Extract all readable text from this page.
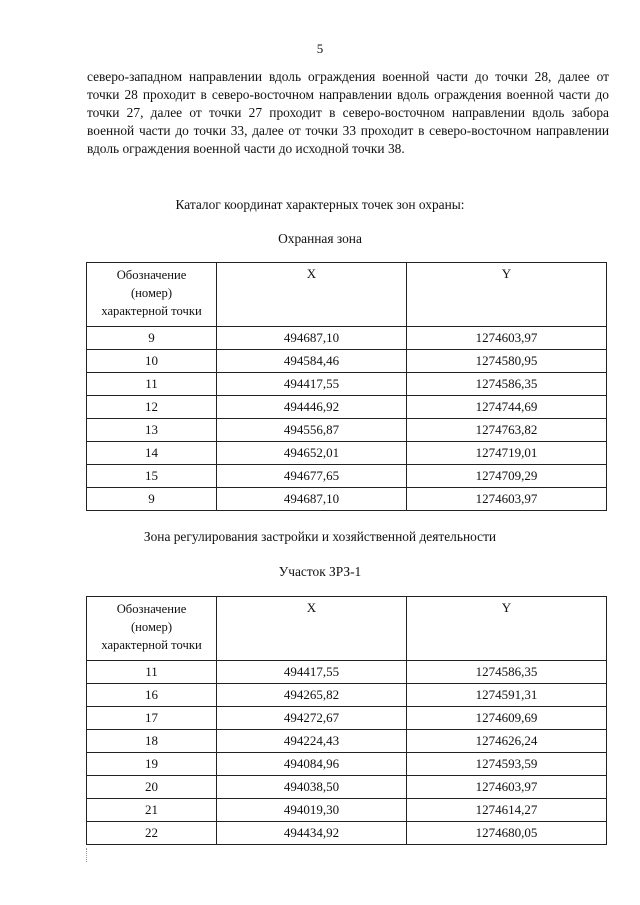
5

северо-западном направлении вдоль ограждения военной части до точки 28, далее от точки 28 проходит в северо-восточном направлении вдоль ограждения военной части до точки 27, далее от точки 27 проходит в северо-восточном направлении вдоль забора военной части до точки 33, далее от точки 33 проходит в северо-восточном направлении вдоль ограждения военной части до исходной точки 38.

Каталог координат характерных точек зон охраны:

Охранная зона

Обозначение
(номер)
характерной точки	X	Y
9	494687,10	1274603,97
10	494584,46	1274580,95
11	494417,55	1274586,35
12	494446,92	1274744,69
13	494556,87	1274763,82
14	494652,01	1274719,01
15	494677,65	1274709,29
9	494687,10	1274603,97

Зона регулирования застройки и хозяйственной деятельности

Участок ЗРЗ-1

Обозначение
(номер)
характерной точки	X	Y
11	494417,55	1274586,35
16	494265,82	1274591,31
17	494272,67	1274609,69
18	494224,43	1274626,24
19	494084,96	1274593,59
20	494038,50	1274603,97
21	494019,30	1274614,27
22	494434,92	1274680,05
